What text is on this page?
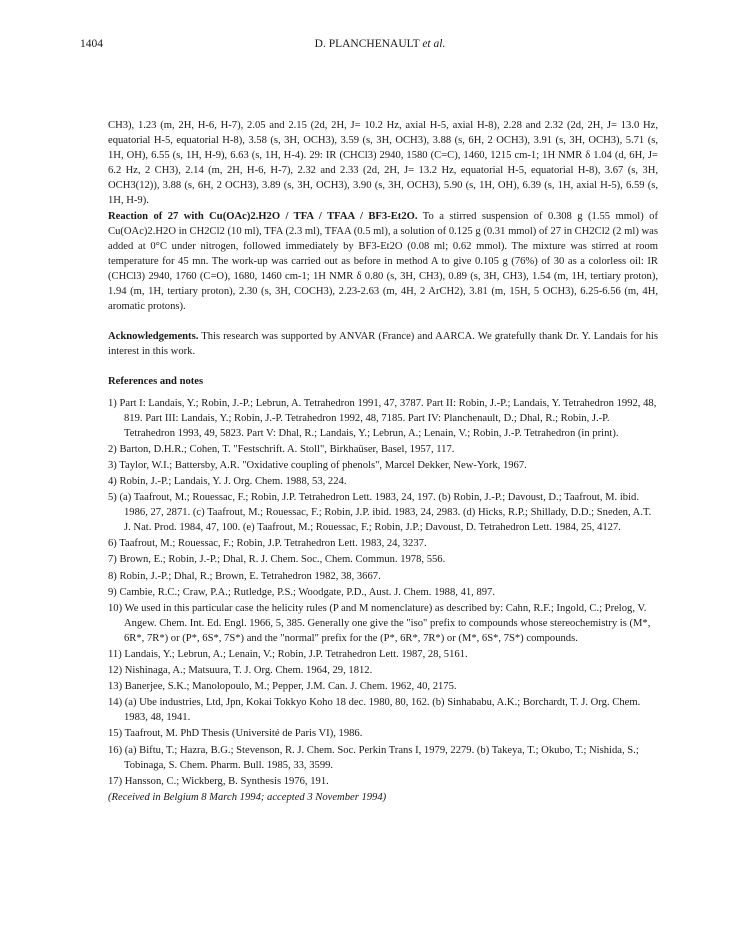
1404	D. PLANCHENAULT et al.

CH3), 1.23 (m, 2H, H-6, H-7), 2.05 and 2.15 (2d, 2H, J= 10.2 Hz, axial H-5, axial H-8), 2.28 and 2.32 (2d, 2H, J= 13.0 Hz, equatorial H-5, equatorial H-8), 3.58 (s, 3H, OCH3), 3.59 (s, 3H, OCH3), 3.88 (s, 6H, 2 OCH3), 3.91 (s, 3H, OCH3), 5.71 (s, 1H, OH), 6.55 (s, 1H, H-9), 6.63 (s, 1H, H-4). 29: IR (CHCl3) 2940, 1580 (C=C), 1460, 1215 cm-1; 1H NMR δ 1.04 (d, 6H, J= 6.2 Hz, 2 CH3), 2.14 (m, 2H, H-6, H-7), 2.32 and 2.33 (2d, 2H, J= 13.2 Hz, equatorial H-5, equatorial H-8), 3.67 (s, 3H, OCH3(12)), 3.88 (s, 6H, 2 OCH3), 3.89 (s, 3H, OCH3), 3.90 (s, 3H, OCH3), 5.90 (s, 1H, OH), 6.39 (s, 1H, axial H-5), 6.59 (s, 1H, H-9).

Reaction of 27 with Cu(OAc)2.H2O / TFA / TFAA / BF3-Et2O. To a stirred suspension of 0.308 g (1.55 mmol) of Cu(OAc)2.H2O in CH2Cl2 (10 ml), TFA (2.3 ml), TFAA (0.5 ml), a solution of 0.125 g (0.31 mmol) of 27 in CH2Cl2 (2 ml) was added at 0°C under nitrogen, followed immediately by BF3-Et2O (0.08 ml; 0.62 mmol). The mixture was stirred at room temperature for 45 mn. The work-up was carried out as before in method A to give 0.105 g (76%) of 30 as a colorless oil: IR (CHCl3) 2940, 1760 (C=O), 1680, 1460 cm-1; 1H NMR δ 0.80 (s, 3H, CH3), 0.89 (s, 3H, CH3), 1.54 (m, 1H, tertiary proton), 1.94 (m, 1H, tertiary proton), 2.30 (s, 3H, COCH3), 2.23-2.63 (m, 4H, 2 ArCH2), 3.81 (m, 15H, 5 OCH3), 6.25-6.56 (m, 4H, aromatic protons).

Acknowledgements. This research was supported by ANVAR (France) and AARCA. We gratefully thank Dr. Y. Landais for his interest in this work.

References and notes

1) Part I: Landais, Y.; Robin, J.-P.; Lebrun, A. Tetrahedron 1991, 47, 3787. Part II: Robin, J.-P.; Landais, Y. Tetrahedron 1992, 48, 819. Part III: Landais, Y.; Robin, J.-P. Tetrahedron 1992, 48, 7185. Part IV: Planchenault, D.; Dhal, R.; Robin, J.-P. Tetrahedron 1993, 49, 5823. Part V: Dhal, R.; Landais, Y.; Lebrun, A.; Lenain, V.; Robin, J.-P. Tetrahedron (in print).
2) Barton, D.H.R.; Cohen, T. "Festschrift. A. Stoll", Birkhaüser, Basel, 1957, 117.
3) Taylor, W.I.; Battersby, A.R. "Oxidative coupling of phenols", Marcel Dekker, New-York, 1967.
4) Robin, J.-P.; Landais, Y. J. Org. Chem. 1988, 53, 224.
5) (a) Taafrout, M.; Rouessac, F.; Robin, J.P. Tetrahedron Lett. 1983, 24, 197. (b) Robin, J.-P.; Davoust, D.; Taafrout, M. ibid. 1986, 27, 2871. (c) Taafrout, M.; Rouessac, F.; Robin, J.P. ibid. 1983, 24, 2983. (d) Hicks, R.P.; Shillady, D.D.; Sneden, A.T. J. Nat. Prod. 1984, 47, 100. (e) Taafrout, M.; Rouessac, F.; Robin, J.P.; Davoust, D. Tetrahedron Lett. 1984, 25, 4127.
6) Taafrout, M.; Rouessac, F.; Robin, J.P. Tetrahedron Lett. 1983, 24, 3237.
7) Brown, E.; Robin, J.-P.; Dhal, R. J. Chem. Soc., Chem. Commun. 1978, 556.
8) Robin, J.-P.; Dhal, R.; Brown, E. Tetrahedron 1982, 38, 3667.
9) Cambie, R.C.; Craw, P.A.; Rutledge, P.S.; Woodgate, P.D., Aust. J. Chem. 1988, 41, 897.
10) We used in this particular case the helicity rules (P and M nomenclature) as described by: Cahn, R.F.; Ingold, C.; Prelog, V. Angew. Chem. Int. Ed. Engl. 1966, 5, 385. Generally one give the "iso" prefix to compounds whose stereochemistry is (M*, 6R*, 7R*) or (P*, 6S*, 7S*) and the "normal" prefix for the (P*, 6R*, 7R*) or (M*, 6S*, 7S*) compounds.
11) Landais, Y.; Lebrun, A.; Lenain, V.; Robin, J.P. Tetrahedron Lett. 1987, 28, 5161.
12) Nishinaga, A.; Matsuura, T. J. Org. Chem. 1964, 29, 1812.
13) Banerjee, S.K.; Manolopoulo, M.; Pepper, J.M. Can. J. Chem. 1962, 40, 2175.
14) (a) Ube industries, Ltd, Jpn, Kokai Tokkyo Koho 18 dec. 1980, 80, 162. (b) Sinhababu, A.K.; Borchardt, T. J. Org. Chem. 1983, 48, 1941.
15) Taafrout, M. PhD Thesis (Université de Paris VI), 1986.
16) (a) Biftu, T.; Hazra, B.G.; Stevenson, R. J. Chem. Soc. Perkin Trans I, 1979, 2279. (b) Takeya, T.; Okubo, T.; Nishida, S.; Tobinaga, S. Chem. Pharm. Bull. 1985, 33, 3599.
17) Hansson, C.; Wickberg, B. Synthesis 1976, 191.

(Received in Belgium 8 March 1994; accepted 3 November 1994)
